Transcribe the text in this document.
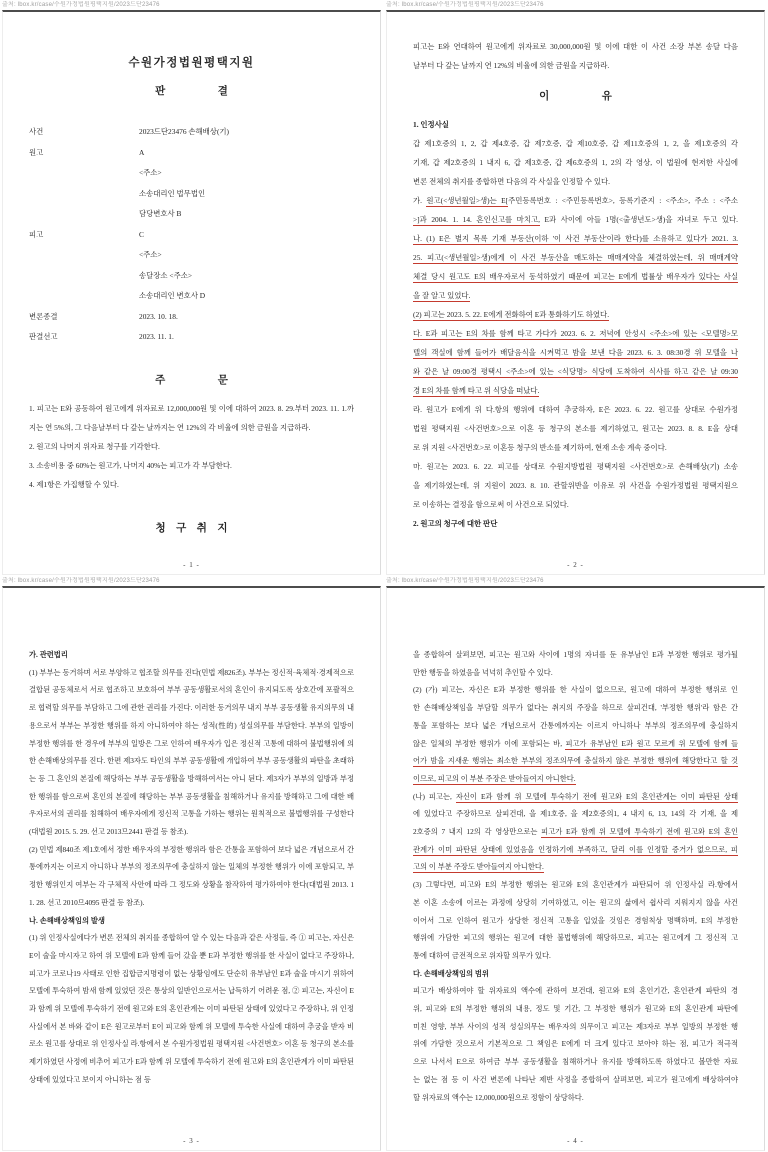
출처: lbox.kr/case/수원가정법원평택지원/2023드단23476
수원가정법원평택지원
판　　　　　결
사건	2023드단23476 손해배상(기)
원고	A
<주소>
소송대리인 법무법인
담당변호사 B
피고	C
<주소>
송달장소 <주소>
소송대리인 변호사 D
변론종결	2023. 10. 18.
판결선고	2023. 11. 1.
주　　　　　문
1. 피고는 E와 공동하여 원고에게 위자료로 12,000,000원 및 이에 대하여 2023. 8. 29.부터 2023. 11. 1.까지는 연 5%의, 그 다음날부터 다 갚는 날까지는 연 12%의 각 비율에 의한 금원을 지급하라.
2. 원고의 나머지 위자료 청구를 기각한다.
3. 소송비용 중 60%는 원고가, 나머지 40%는 피고가 각 부담한다.
4. 제1항은 가집행할 수 있다.
청　구　취　지
- 1 -
출처: lbox.kr/case/수원가정법원평택지원/2023드단23476
피고는 E와 연대하여 원고에게 위자료로 30,000,000원 및 이에 대한 이 사건 소장 부본 송달 다음
날부터 다 갚는 날까지 연 12%의 비율에 의한 금원을 지급하라.
이　　　　　유
1. 인정사실
갑 제1호증의 1, 2, 갑 제4호증, 갑 제7호증, 갑 제10호증, 갑 제11호증의 1, 2, 을 제1호증의 각
기재, 갑 제2호증의 1 내지 6, 갑 제3호증, 갑 제6호증의 1, 2의 각 영상, 이 법원에 현저한 사실에
변론 전체의 취지를 종합하면 다음의 각 사실을 인정할 수 있다.
가. 원고(<생년월일>생)는 E[주민등록번호 : <주민등록번호>, 등록기준지 : <주소>, 주소 : <주소
>]과 2004. 1. 14. 혼인신고를 마치고, E과 사이에 아들 1명(<출생년도>생)을 자녀로 두고 있다.
나. (1) E은 별지 목록 기재 부동산(이하 '이 사건 부동산'이라 한다)를 소유하고 있다가 2021. 3.
25. 피고(<생년월일>생)에게 이 사건 부동산을 매도하는 매매계약을 체결하였는데, 위 매매계약
체결 당시 원고도 E의 배우자로서 동석하였기 때문에 피고는 E에게 법률상 배우자가 있다는 사실
을 잘 알고 있었다.
(2) 피고는 2023. 5. 22. E에게 전화하여 E과 통화하기도 하였다.
다. E과 피고는 E의 차를 함께 타고 가다가 2023. 6. 2. 저녁에 안성시 <주소>에 있는 <모텔명>모
텔의 객실에 함께 들어가 배달음식을 시켜먹고 밤을 보낸 다음 2023. 6. 3. 08:30경 위 모텔을 나
와 같은 날 09:00경 평택시 <주소>에 있는 <식당명> 식당에 도착하여 식사를 하고 같은 날 09:30
경 E의 차를 함께 타고 위 식당을 떠났다.
라. 원고가 E에게 위 다.항의 행위에 대하여 추궁하자, E은 2023. 6. 22. 원고를 상대로 수원가정
법원 평택지원 <사건번호>으로 이혼 등 청구의 본소를 제기하였고, 원고는 2023. 8. 8. E을 상대
로 위 지원 <사건번호>로 이혼등 청구의 반소를 제기하여, 현재 소송 계속 중이다.
마. 원고는 2023. 6. 22. 피고를 상대로 수원지방법원 평택지원 <사건번호>로 손해배상(기) 소송
을 제기하였는데, 위 지원이 2023. 8. 10. 관할위반을 이유로 위 사건을 수원가정법원 평택지원으
로 이송하는 결정을 함으로써 이 사건으로 되었다.
2. 원고의 청구에 대한 판단
- 2 -
출처: lbox.kr/case/수원가정법원평택지원/2023드단23476
가. 관련법리
(1) 부부는 동거하며 서로 부양하고 협조할 의무를 진다(민법 제826조). 부부는 정신적·육체적·경제적으로 결합된 공동체로서 서로 협조하고 보호하여 부부 공동생활로서의 혼인이 유지되도록 상호간에 포괄적으로 협력할 의무를 부담하고 그에 관한 권리를 가진다. 이러한 동거의무 내지 부부 공동생활 유지의무의 내용으로서 부부는 부정한 행위를 하지 아니하여야 하는 성적(性的) 성실의무를 부담한다. 부부의 일방이 부정한 행위를 한 경우에 부부의 일방은 그로 인하여 배우자가 입은 정신적 고통에 대하여 불법행위에 의한 손해배상의무를 진다. 한편 제3자도 타인의 부부 공동생활에 개입하여 부부 공동생활의 파탄을 초래하는 등 그 혼인의 본질에 해당하는 부부 공동생활을 방해하여서는 아니 된다. 제3자가 부부의 일방과 부정한 행위를 함으로써 혼인의 본질에 해당하는 부부 공동생활을 침해하거나 유지를 방해하고 그에 대한 배우자로서의 권리를 침해하여 배우자에게 정신적 고통을 가하는 행위는 원칙적으로 불법행위를 구성한다(대법원 2015. 5. 29. 선고 2013므2441 판결 등 참조).
(2) 민법 제840조 제1호에서 정한 배우자의 부정한 행위라 함은 간통을 포함하여 보다 넓은 개념으로서 간통에까지는 이르지 아니하나 부부의 정조의무에 충실하지 않는 일체의 부정한 행위가 이에 포함되고, 부정한 행위인지 여부는 각 구체적 사안에 따라 그 정도와 상황을 참작하여 평가하여야 한다(대법원 2013. 11. 28. 선고 2010므4095 판결 등 참조).
나. 손해배상책임의 발생
(1) 위 인정사실에다가 변론 전체의 취지를 종합하여 알 수 있는 다음과 같은 사정들, 즉 ① 피고는, 자신은 E이 술을 마시자고 하여 위 모텔에 E과 함께 들어 갔을 뿐 E과 부정한 행위를 한 사실이 없다고 주장하나, 피고가 코로나19 사태로 인한 집합금지명령이 없는 상황임에도 단순히 유부남인 E과 술을 마시기 위하여 모텔에 투숙하여 밤새 함께 있었던 것은 통상의 일반인으로서는 납득하기 어려운 점, ② 피고는, 자신이 E과 함께 위 모텔에 투숙하기 전에 원고와 E의 혼인관계는 이미 파탄된 상태에 있었다고 주장하나, 위 인정사실에서 본 바와 같이 E은 원고로부터 E이 피고와 함께 위 모텔에 투숙한 사실에 대하여 추궁을 받자 비로소 원고를 상대로 위 인정사실 라.항에서 본 수원가정법원 평택지원 <사건번호> 이혼 등 청구의 본소를 제기하였던 사정에 비추어 피고가 E과 함께 위 모텔에 투숙하기 전에 원고와 E의 혼인관계가 이미 파탄된 상태에 있었다고 보이지 아니하는 점 등
- 3 -
출처: lbox.kr/case/수원가정법원평택지원/2023드단23476
을 종합하여 살펴보면, 피고는 원고와 사이에 1명의 자녀를 둔 유부남인 E과 부정한 행위로 평가될
만한 행동을 하였음을 넉넉히 추인할 수 있다.
(2) (가) 피고는, 자신은 E과 부정한 행위를 한 사실이 없으므로, 원고에 대하여 부정한 행위로 인
한 손해배상책임을 부담할 의무가 없다는 취지의 주장을 하므로 살피건대, '부정한 행위'라 함은 간
통을 포함하는 보다 넓은 개념으로서 간통에까지는 이르지 아니하나 부부의 정조의무에 충실하지
않은 일체의 부정한 행위가 이에 포함되는 바, 피고가 유부남인 E과 원고 모르게 위 모텔에 함께 들
어가 밤을 지새운 행위는 최소한 부부의 정조의무에 충실하지 않은 부정한 행위에 해당한다고 할 것
이므로, 피고의 이 부분 주장은 받아들여지 아니한다.
(나) 피고는, 자신이 E과 함께 위 모텔에 투숙하기 전에 원고와 E의 혼인관계는 이미 파탄된 상태
에 있었다고 주장하므로 살피건대, 을 제1호증, 을 제2호증의1, 4 내지 6, 13, 14의 각 기재, 을 제
2호증의 7 내지 12의 각 영상만으로는 피고가 E과 함께 위 모텔에 투숙하기 전에 원고와 E의 혼인
관계가 이미 파탄된 상태에 있었음을 인정하기에 부족하고, 달리 이를 인정할 증거가 없으므로, 피
고의 이 부분 주장도 받아들여지 아니한다.
(3) 그렇다면, 피고와 E의 부정한 행위는 원고와 E의 혼인관계가 파탄되어 위 인정사실 라.항에서
본 이혼 소송에 이르는 과정에 상당히 기여하였고, 이는 원고의 삶에서 쉽사리 지워지지 않을 사건
이어서 그로 인하여 원고가 상당한 정신적 고통을 입었을 것임은 경험칙상 명백하며, E의 부정한
행위에 가담한 피고의 행위는 원고에 대한 불법행위에 해당하므로, 피고는 원고에게 그 정신적 고
통에 대하여 금전적으로 위자할 의무가 있다.
다. 손해배상책임의 범위
피고가 배상하여야 할 위자료의 액수에 관하여 보건대, 원고와 E의 혼인기간, 혼인관계 파탄의 경
위, 피고와 E의 부정한 행위의 내용, 정도 및 기간, 그 부정한 행위가 원고와 E의 혼인관계 파탄에
미친 영향, 부부 사이의 성적 성실의무는 배우자의 의무이고 피고는 제3자로 부부 일방의 부정한 행
위에 가담한 것으로서 기본적으로 그 책임은 E에게 더 크게 있다고 보아야 하는 점, 피고가 적극적
으로 나서서 E으로 하여금 부부 공동생활을 침해하거나 유지를 방해하도록 하였다고 볼만한 자료
는 없는 점 등 이 사건 변론에 나타난 제반 사정을 종합하여 살펴보면, 피고가 원고에게 배상하여야
할 위자료의 액수는 12,000,000원으로 정함이 상당하다.
- 4 -
